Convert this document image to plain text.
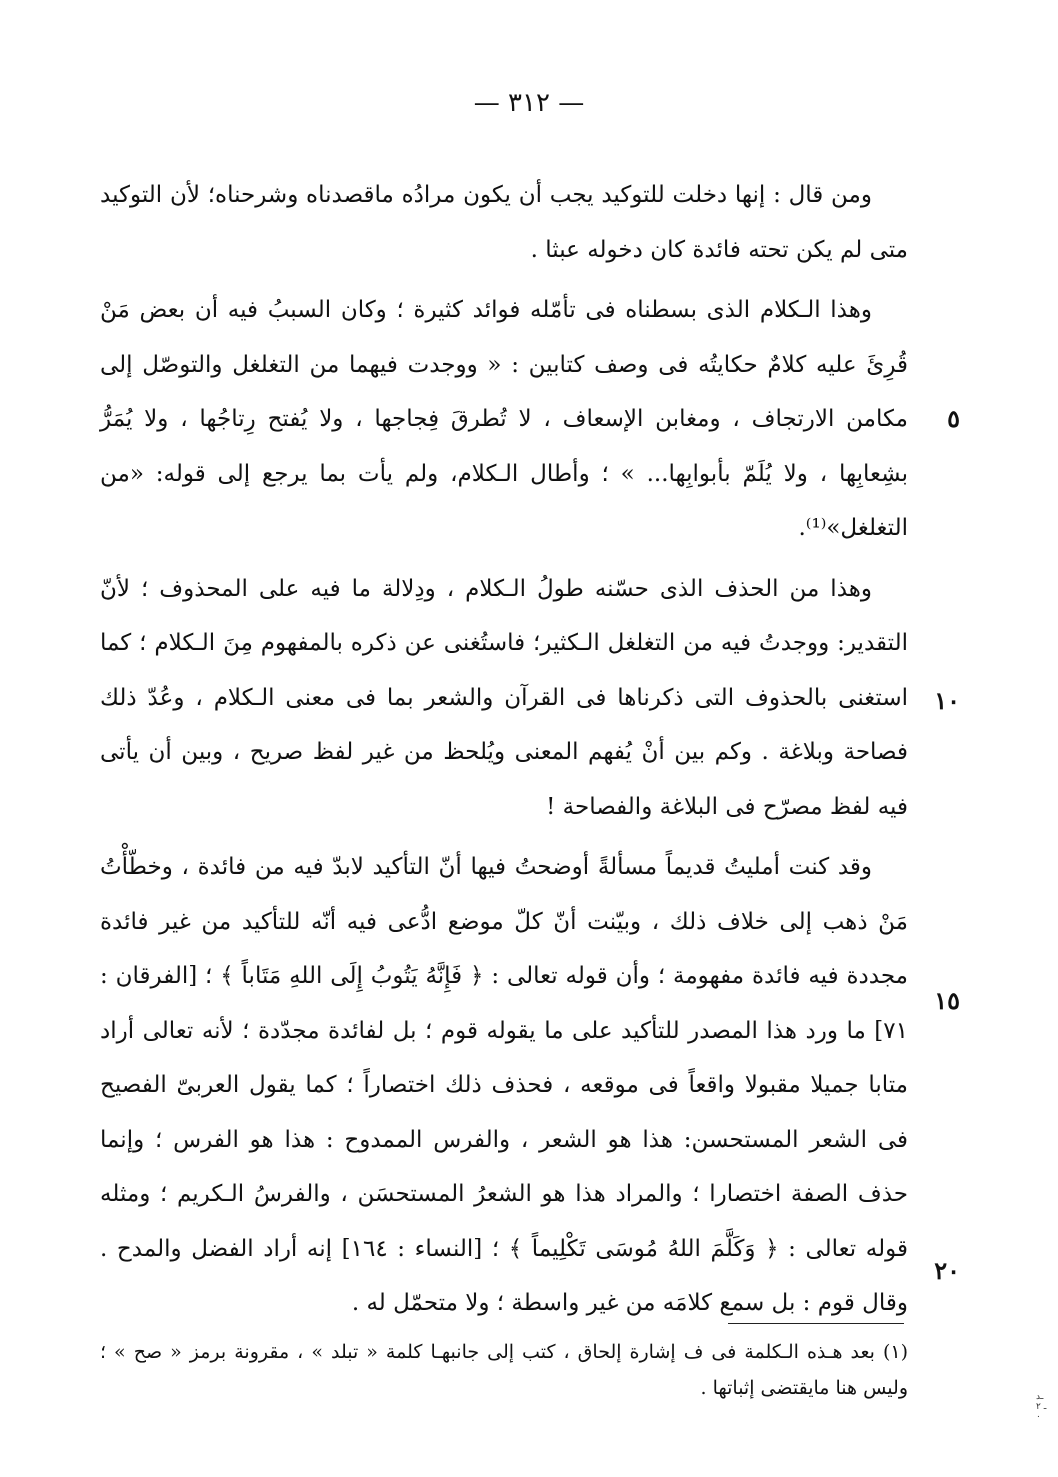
— ٣١٢ —

ومن قال : إنها دخلت للتوكيد يجب أن يكون مرادُه ماقصدناه وشرحناه؛ لأن التوكيد متى لم يكن تحته فائدة كان دخوله عبثا .

وهذا الـكلام الذى بسطناه فى تأمّله فوائد كثيرة ؛ وكان السببُ فيه أن بعض مَنْ قُرِئَ عليه كلامٌ حكايتُه فى وصف كتابين : « ووجدت فيهما من التغلغل والتوصّل إلى مكامن الارتجاف ، ومغابن الإسعاف ، لا تُطرقَ فِجاجها ، ولا يُفتح رِتاجُها ، ولا يُمَرُّ بشِعابِها ، ولا يُلَمّ بأبوابِها... » ؛ وأطال الـكلام، ولم يأت بما يرجع إلى قوله: «من التغلغل»⁽¹⁾.

وهذا من الحذف الذى حسّنه طولُ الـكلام ، ودِلالة ما فيه على المحذوف ؛ لأنّ التقدير: ووجدتُ فيه من التغلغل الـكثير؛ فاستُغنى عن ذكره بالمفهوم مِنَ الـكلام ؛ كما استغنى بالحذوف التى ذكرناها فى القرآن والشعر بما فى معنى الـكلام ، وعُدّ ذلك فصاحة وبلاغة . وكم بين أنْ يُفهم المعنى ويُلحظ من غير لفظ صريح ، وبين أن يأتى فيه لفظ مصرّح فى البلاغة والفصاحة !

وقد كنت أمليتُ قديماً مسألةً أوضحتُ فيها أنّ التأكيد لابدّ فيه من فائدة ، وخطّأْتُ مَنْ ذهب إلى خلاف ذلك ، وبيّنت أنّ كلّ موضع ادُّعى فيه أنّه للتأكيد من غير فائدة مجددة فيه فائدة مفهومة ؛ وأن قوله تعالى : ﴿ فَإِنَّهُ يَتُوبُ إِلَى اللهِ مَتَاباً ﴾ ؛ [الفرقان : ٧١] ما ورد هذا المصدر للتأكيد على ما يقوله قوم ؛ بل لفائدة مجدّدة ؛ لأنه تعالى أراد متابا جميلا مقبولا واقعاً فى موقعه ، فحذف ذلك اختصاراً ؛ كما يقول العربىّ الفصيح فى الشعر المستحسن: هذا هو الشعر ، والفرس الممدوح : هذا هو الفرس ؛ وإنما حذف الصفة اختصارا ؛ والمراد هذا هو الشعرُ المستحسَن ، والفرسُ الـكريم ؛ ومثله قوله تعالى : ﴿ وَكَلَّمَ اللهُ مُوسَى تَكْلِيماً ﴾ ؛ [النساء : ١٦٤] إنه أراد الفضل والمدح . وقال قوم : بل سمع كلامَه من غير واسطة ؛ ولا متحمّل له .

٥
١٠
١٥
٢٠

(١) بعد هـذه الـكلمة فى ف إشارة إلحاق ، كتب إلى جانبهـا كلمة « تبلد » ، مقرونة برمز « صح » ؛ وليس هنا مايقتضى إثباتها .	ـد ـ ٢٠
